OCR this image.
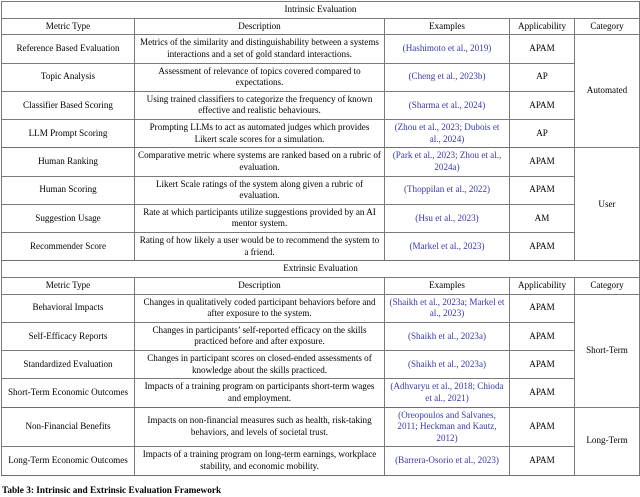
Intrinsic Evaluation				
Metric Type	Description	Examples	Applicability	Category
Reference Based Evaluation	Metrics of the similarity and distinguishability between a systems interactions and a set of gold standard interactions.	(Hashimoto et al., 2019)	APAM	Automated
Topic Analysis	Assessment of relevance of topics covered compared to expectations.	(Cheng et al., 2023b)	AP	
Classifier Based Scoring	Using trained classifiers to categorize the frequency of known effective and realistic behaviours.	(Sharma et al., 2024)	APAM	
LLM Prompt Scoring	Prompting LLMs to act as automated judges which provides Likert scale scores for a simulation.	(Zhou et al., 2023; Dubois et al., 2024)	AP	
Human Ranking	Comparative metric where systems are ranked based on a rubric of evaluation.	(Park et al., 2023; Zhou et al., 2024a)	APAM	User
Human Scoring	Likert Scale ratings of the system along given a rubric of evaluation.	(Thoppilan et al., 2022)	APAM	
Suggestion Usage	Rate at which participants utilize suggestions provided by an AI mentor system.	(Hsu et al., 2023)	AM	
Recommender Score	Rating of how likely a user would be to recommend the system to a friend.	(Markel et al., 2023)	APAM	
Extrinsic Evaluation				
Metric Type	Description	Examples	Applicability	Category
Behavioral Impacts	Changes in qualitatively coded participant behaviors before and after exposure to the system.	(Shaikh et al., 2023a; Markel et al., 2023)	APAM	Short-Term
Self-Efficacy Reports	Changes in participants’ self-reported efficacy on the skills practiced before and after exposure.	(Shaikh et al., 2023a)	APAM	
Standardized Evaluation	Changes in participant scores on closed-ended assessments of knowledge about the skills practiced.	(Shaikh et al., 2023a)	APAM	
Short-Term Economic Outcomes	Impacts of a training program on participants short-term wages and employment.	(Adhvaryu et al., 2018; Chioda et al., 2021)	APAM	
Non-Financial Benefits	Impacts on non-financial measures such as health, risk-taking behaviors, and levels of societal trust.	(Oreopoulos and Salvanes, 2011; Heckman and Kautz, 2012)	APAM	Long-Term
Long-Term Economic Outcomes	Impacts of a training program on long-term earnings, workplace stability, and economic mobility.	(Barrera-Osorio et al., 2023)	APAM	
Table 3: Intrinsic and Extrinsic Evaluation Framework
